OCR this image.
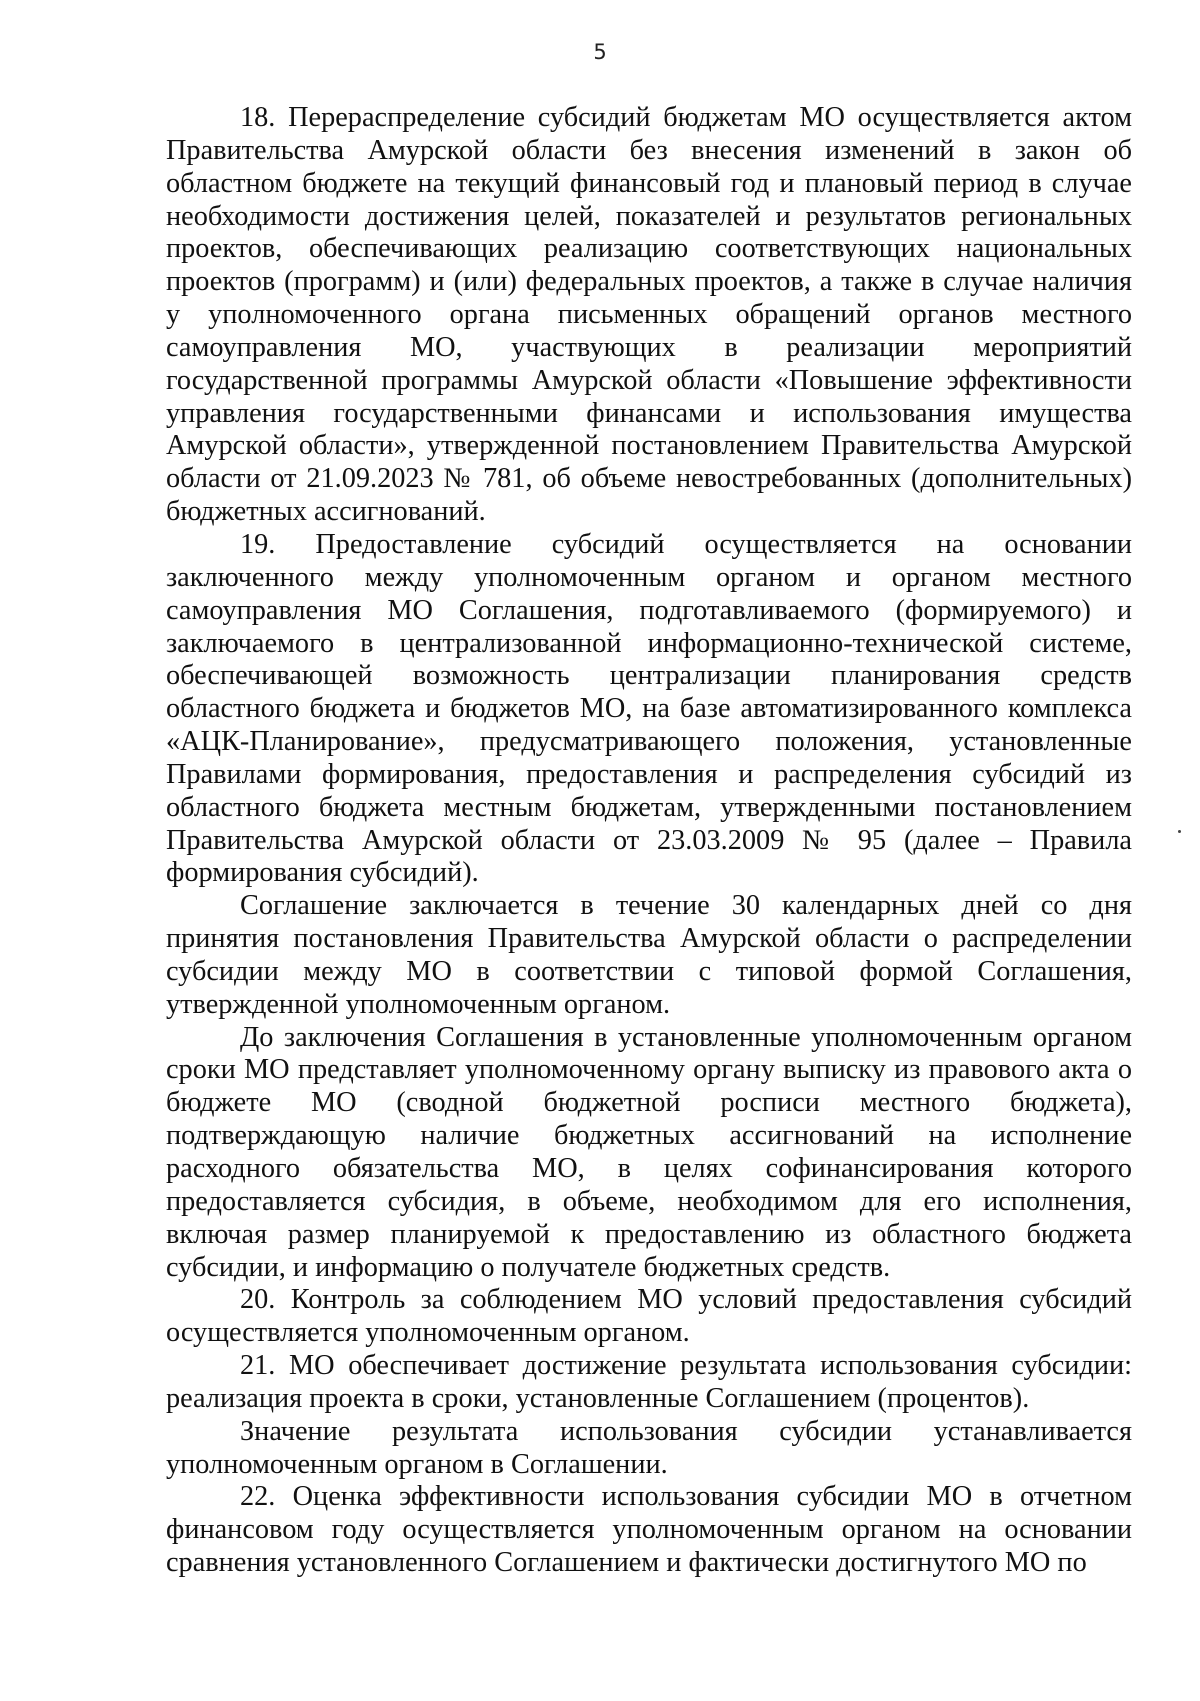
5

18. Перераспределение субсидий бюджетам МО осуществляется актом Правительства Амурской области без внесения изменений в закон об областном бюджете на текущий финансовый год и плановый период в случае необходимости достижения целей, показателей и результатов региональных проектов, обеспечивающих реализацию соответствующих национальных проектов (программ) и (или) федеральных проектов, а также в случае наличия у уполномоченного органа письменных обращений органов местного самоуправления МО, участвующих в реализации мероприятий государственной программы Амурской области «Повышение эффективности управления государственными финансами и использования имущества Амурской области», утвержденной постановлением Правительства Амурской области от 21.09.2023 № 781, об объеме невостребованных (дополнительных) бюджетных ассигнований.

19. Предоставление субсидий осуществляется на основании заключенного между уполномоченным органом и органом местного самоуправления МО Соглашения, подготавливаемого (формируемого) и заключаемого в централизованной информационно-технической системе, обеспечивающей возможность централизации планирования средств областного бюджета и бюджетов МО, на базе автоматизированного комплекса «АЦК-Планирование», предусматривающего положения, установленные Правилами формирования, предоставления и распределения субсидий из областного бюджета местным бюджетам, утвержденными постановлением Правительства Амурской области от 23.03.2009 № 95 (далее – Правила формирования субсидий).

Соглашение заключается в течение 30 календарных дней со дня принятия постановления Правительства Амурской области о распределении субсидии между МО в соответствии с типовой формой Соглашения, утвержденной уполномоченным органом.

До заключения Соглашения в установленные уполномоченным органом сроки МО представляет уполномоченному органу выписку из правового акта о бюджете МО (сводной бюджетной росписи местного бюджета), подтверждающую наличие бюджетных ассигнований на исполнение расходного обязательства МО, в целях софинансирования которого предоставляется субсидия, в объеме, необходимом для его исполнения, включая размер планируемой к предоставлению из областного бюджета субсидии, и информацию о получателе бюджетных средств.

20. Контроль за соблюдением МО условий предоставления субсидий осуществляется уполномоченным органом.

21. МО обеспечивает достижение результата использования субсидии: реализация проекта в сроки, установленные Соглашением (процентов).

Значение результата использования субсидии устанавливается уполномоченным органом в Соглашении.

22. Оценка эффективности использования субсидии МО в отчетном финансовом году осуществляется уполномоченным органом на основании сравнения установленного Соглашением и фактически достигнутого МО по
